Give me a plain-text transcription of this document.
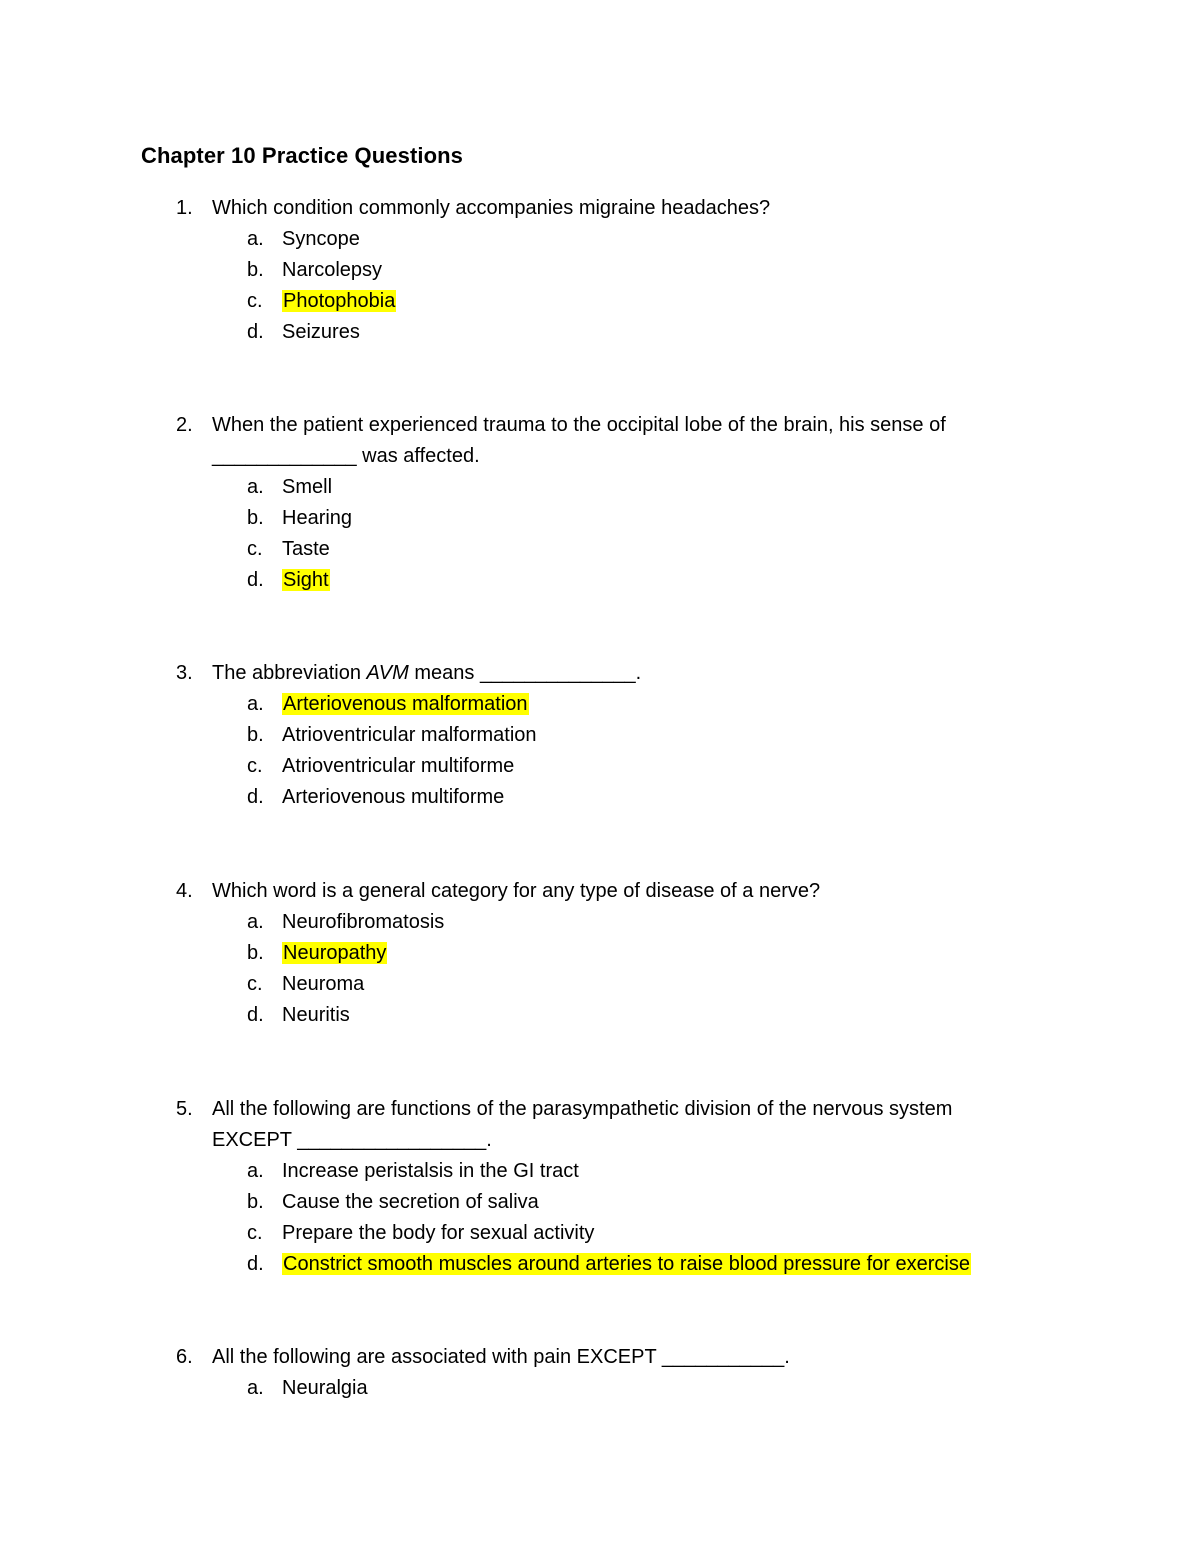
Chapter 10 Practice Questions
1. Which condition commonly accompanies migraine headaches?
a. Syncope
b. Narcolepsy
c. Photophobia
d. Seizures
2. When the patient experienced trauma to the occipital lobe of the brain, his sense of
_____________ was affected.
a. Smell
b. Hearing
c. Taste
d. Sight
3. The abbreviation AVM means ______________.
a. Arteriovenous malformation
b. Atrioventricular malformation
c. Atrioventricular multiforme
d. Arteriovenous multiforme
4. Which word is a general category for any type of disease of a nerve?
a. Neurofibromatosis
b. Neuropathy
c. Neuroma
d. Neuritis
5. All the following are functions of the parasympathetic division of the nervous system
EXCEPT _________________.
a. Increase peristalsis in the GI tract
b. Cause the secretion of saliva
c. Prepare the body for sexual activity
d. Constrict smooth muscles around arteries to raise blood pressure for exercise
6. All the following are associated with pain EXCEPT ___________.
a. Neuralgia
